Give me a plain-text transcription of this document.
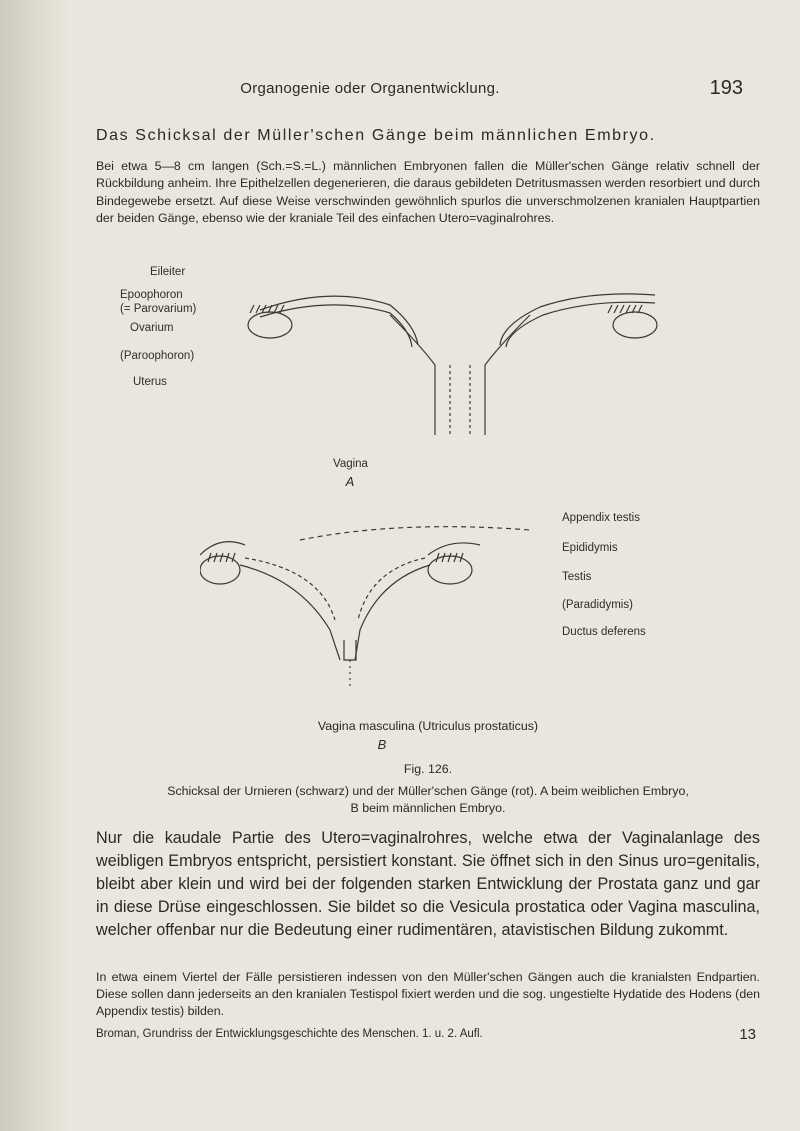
Organogenie oder Organentwicklung.	193
Das Schicksal der Müller'schen Gänge beim männlichen Embryo.
Bei etwa 5—8 cm langen (Sch.=S.=L.) männlichen Embryonen fallen die Müller'schen Gänge relativ schnell der Rückbildung anheim. Ihre Epithelzellen degenerieren, die daraus gebildeten Detritusmassen werden resorbiert und durch Bindegewebe ersetzt. Auf diese Weise verschwinden gewöhnlich spurlos die unverschmolzenen kranialen Hauptpartien der beiden Gänge, ebenso wie der kraniale Teil des einfachen Utero=vaginalrohres.
Eileiter
Epoophoron
(= Parovarium)
Ovarium
(Paroophoron)
Uterus
Vagina
A
Appendix testis
Epididymis
Testis
(Paradidymis)
Ductus deferens
Vagina masculina (Utriculus prostaticus)
B
Fig. 126.
Schicksal der Urnieren (schwarz) und der Müller'schen Gänge (rot). A beim weiblichen Embryo,
B beim männlichen Embryo.
Nur die kaudale Partie des Utero=vaginalrohres, welche etwa der Vaginalanlage des weibligen Embryos entspricht, persistiert konstant. Sie öffnet sich in den Sinus uro=genitalis, bleibt aber klein und wird bei der folgenden starken Entwicklung der Prostata ganz und gar in diese Drüse eingeschlossen. Sie bildet so die Vesicula prostatica oder Vagina masculina, welcher offenbar nur die Bedeutung einer rudimentären, atavistischen Bildung zukommt.
In etwa einem Viertel der Fälle persistieren indessen von den Müller'schen Gängen auch die kranialsten Endpartien. Diese sollen dann jederseits an den kranialen Testispol fixiert werden und die sog. ungestielte Hydatide des Hodens (den Appendix testis) bilden.
Broman, Grundriss der Entwicklungsgeschichte des Menschen. 1. u. 2. Aufl.	13
